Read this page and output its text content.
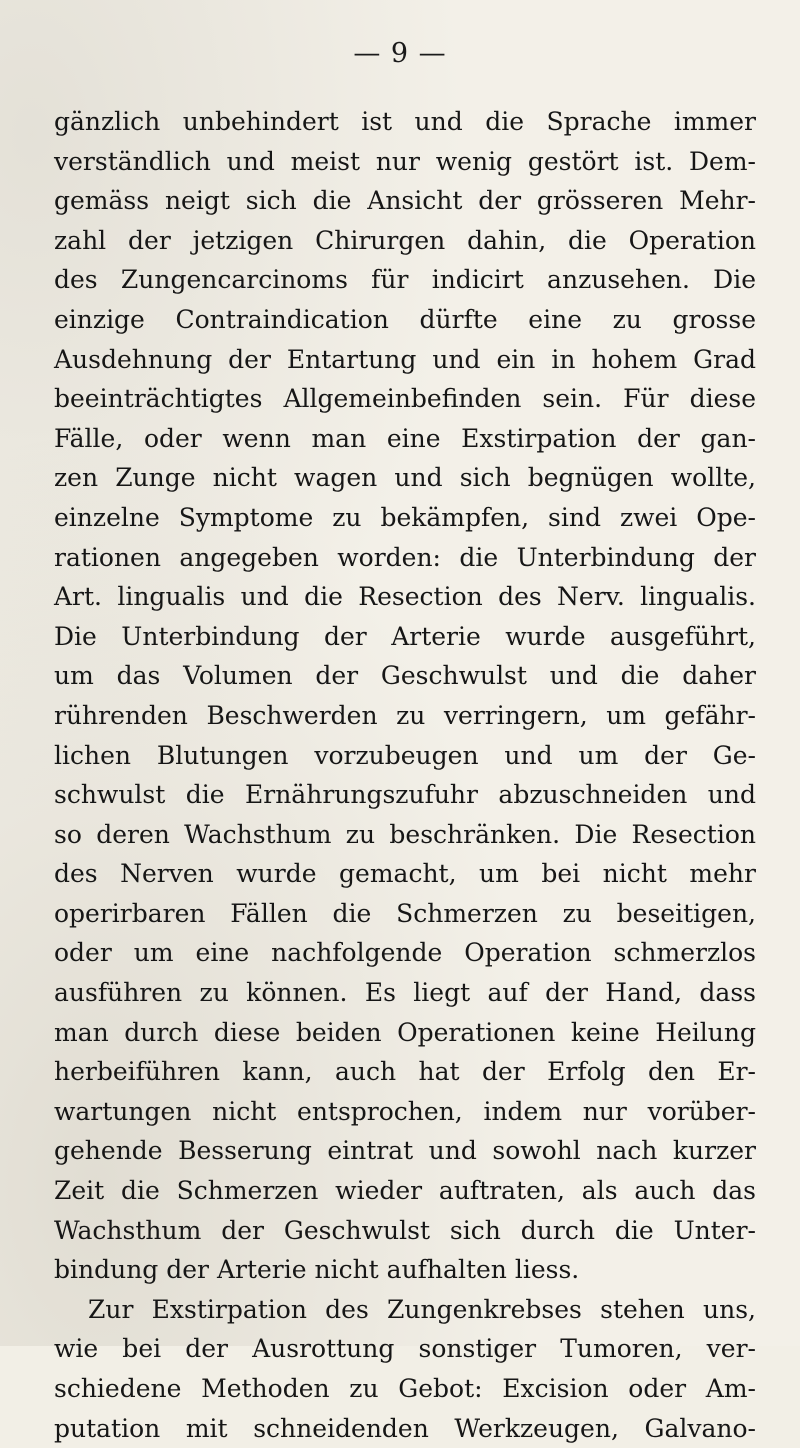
— 9 —
gänzlich unbehindert ist und die Sprache immer
verständlich und meist nur wenig gestört ist. Dem-
gemäss neigt sich die Ansicht der grösseren Mehr-
zahl der jetzigen Chirurgen dahin, die Operation
des Zungencarcinoms für indicirt anzusehen. Die
einzige Contraindication dürfte eine zu grosse
Ausdehnung der Entartung und ein in hohem Grad
beeinträchtigtes Allgemeinbefinden sein. Für diese
Fälle, oder wenn man eine Exstirpation der gan-
zen Zunge nicht wagen und sich begnügen wollte,
einzelne Symptome zu bekämpfen, sind zwei Ope-
rationen angegeben worden: die Unterbindung der
Art. lingualis und die Resection des Nerv. lingualis.
Die Unterbindung der Arterie wurde ausgeführt,
um das Volumen der Geschwulst und die daher
rührenden Beschwerden zu verringern, um gefähr-
lichen Blutungen vorzubeugen und um der Ge-
schwulst die Ernährungszufuhr abzuschneiden und
so deren Wachsthum zu beschränken. Die Resection
des Nerven wurde gemacht, um bei nicht mehr
operirbaren Fällen die Schmerzen zu beseitigen,
oder um eine nachfolgende Operation schmerzlos
ausführen zu können. Es liegt auf der Hand, dass
man durch diese beiden Operationen keine Heilung
herbeiführen kann, auch hat der Erfolg den Er-
wartungen nicht entsprochen, indem nur vorüber-
gehende Besserung eintrat und sowohl nach kurzer
Zeit die Schmerzen wieder auftraten, als auch das
Wachsthum der Geschwulst sich durch die Unter-
bindung der Arterie nicht aufhalten liess.
Zur Exstirpation des Zungenkrebses stehen uns,
wie bei der Ausrottung sonstiger Tumoren, ver-
schiedene Methoden zu Gebot: Excision oder Am-
putation mit schneidenden Werkzeugen, Galvano-
